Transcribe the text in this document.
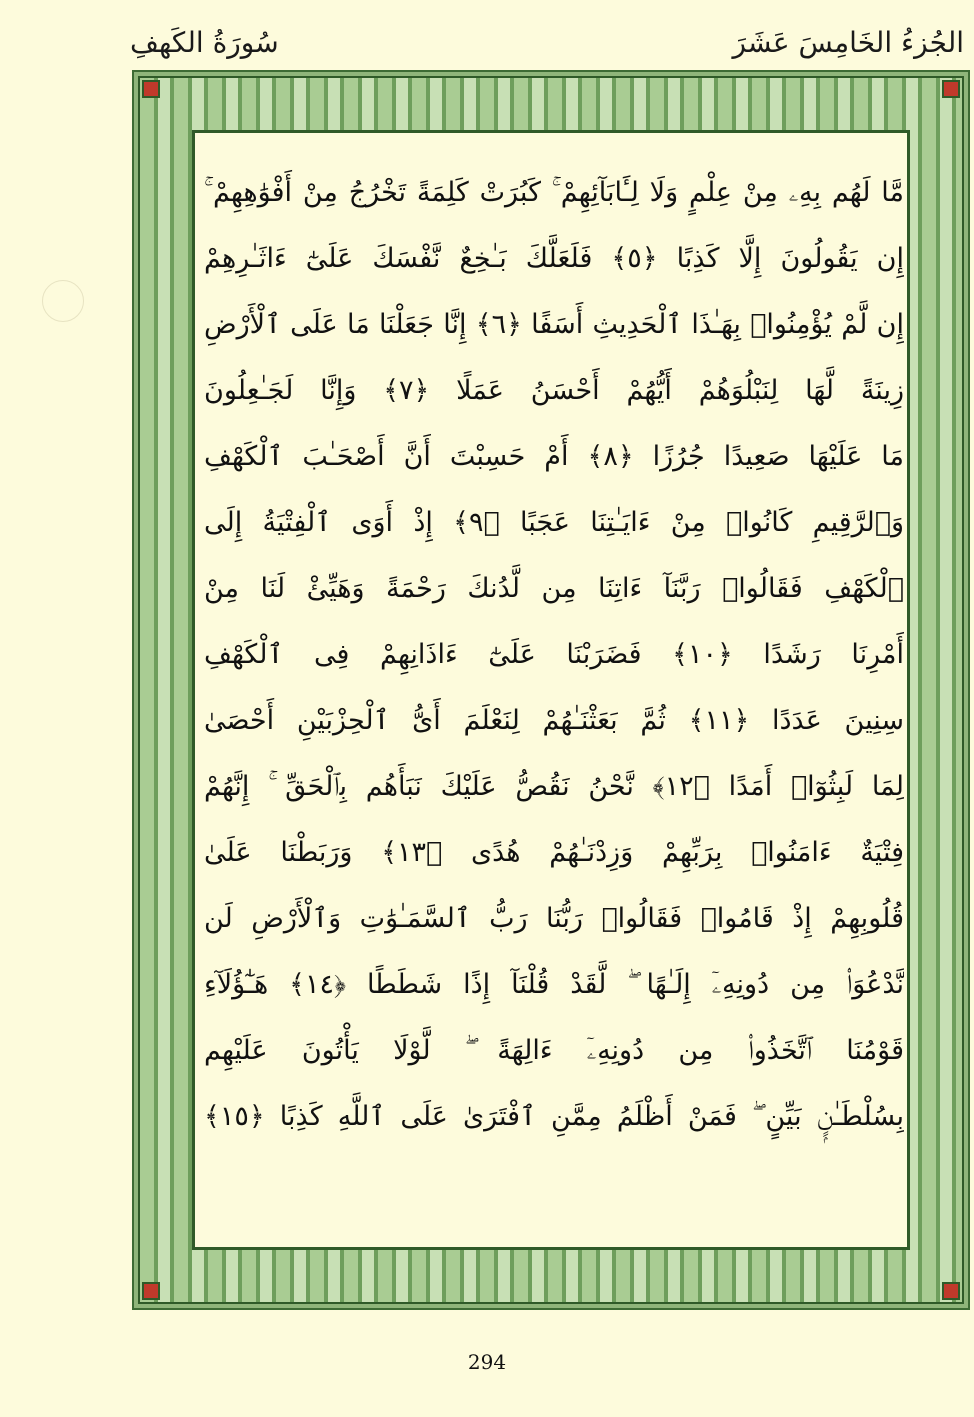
سُورَةُ الكَهفِ	الجُزءُ الخَامِسَ عَشَرَ
مَّا لَهُم بِهِۦ مِنْ عِلْمٍ وَلَا لِـَٔابَآئِهِمْ ۚ كَبُرَتْ كَلِمَةً تَخْرُجُ مِنْ أَفْوَٰهِهِمْ ۚ
إِن يَقُولُونَ إِلَّا كَذِبًا ﴿٥﴾ فَلَعَلَّكَ بَـٰخِعٌ نَّفْسَكَ عَلَىٰٓ ءَاثَـٰرِهِمْ
إِن لَّمْ يُؤْمِنُوا۟ بِهَـٰذَا ٱلْحَدِيثِ أَسَفًا ﴿٦﴾ إِنَّا جَعَلْنَا مَا عَلَى ٱلْأَرْضِ
زِينَةً لَّهَا لِنَبْلُوَهُمْ أَيُّهُمْ أَحْسَنُ عَمَلًا ﴿٧﴾ وَإِنَّا لَجَـٰعِلُونَ
مَا عَلَيْهَا صَعِيدًا جُرُزًا ﴿٨﴾ أَمْ حَسِبْتَ أَنَّ أَصْحَـٰبَ ٱلْكَهْفِ
وَٱلرَّقِيمِ كَانُوا۟ مِنْ ءَايَـٰتِنَا عَجَبًا ﴿٩﴾ إِذْ أَوَى ٱلْفِتْيَةُ إِلَى
ٱلْكَهْفِ فَقَالُوا۟ رَبَّنَآ ءَاتِنَا مِن لَّدُنكَ رَحْمَةً وَهَيِّئْ لَنَا مِنْ
أَمْرِنَا رَشَدًا ﴿١٠﴾ فَضَرَبْنَا عَلَىٰٓ ءَاذَانِهِمْ فِى ٱلْكَهْفِ
سِنِينَ عَدَدًا ﴿١١﴾ ثُمَّ بَعَثْنَـٰهُمْ لِنَعْلَمَ أَىُّ ٱلْحِزْبَيْنِ أَحْصَىٰ
لِمَا لَبِثُوٓا۟ أَمَدًا ﴿١٢﴾ نَّحْنُ نَقُصُّ عَلَيْكَ نَبَأَهُم بِٱلْحَقِّ ۚ إِنَّهُمْ
فِتْيَةٌ ءَامَنُوا۟ بِرَبِّهِمْ وَزِدْنَـٰهُمْ هُدًى ﴿١٣﴾ وَرَبَطْنَا عَلَىٰ
قُلُوبِهِمْ إِذْ قَامُوا۟ فَقَالُوا۟ رَبُّنَا رَبُّ ٱلسَّمَـٰوَٰتِ وَٱلْأَرْضِ لَن
نَّدْعُوَا۟ مِن دُونِهِۦٓ إِلَـٰهًا ۖ لَّقَدْ قُلْنَآ إِذًا شَطَطًا ﴿١٤﴾ هَـٰٓؤُلَآءِ
قَوْمُنَا ٱتَّخَذُوا۟ مِن دُونِهِۦٓ ءَالِهَةً ۖ لَّوْلَا يَأْتُونَ عَلَيْهِم
بِسُلْطَـٰنٍۭ بَيِّنٍ ۖ فَمَنْ أَظْلَمُ مِمَّنِ ٱفْتَرَىٰ عَلَى ٱللَّهِ كَذِبًا ﴿١٥﴾
294
